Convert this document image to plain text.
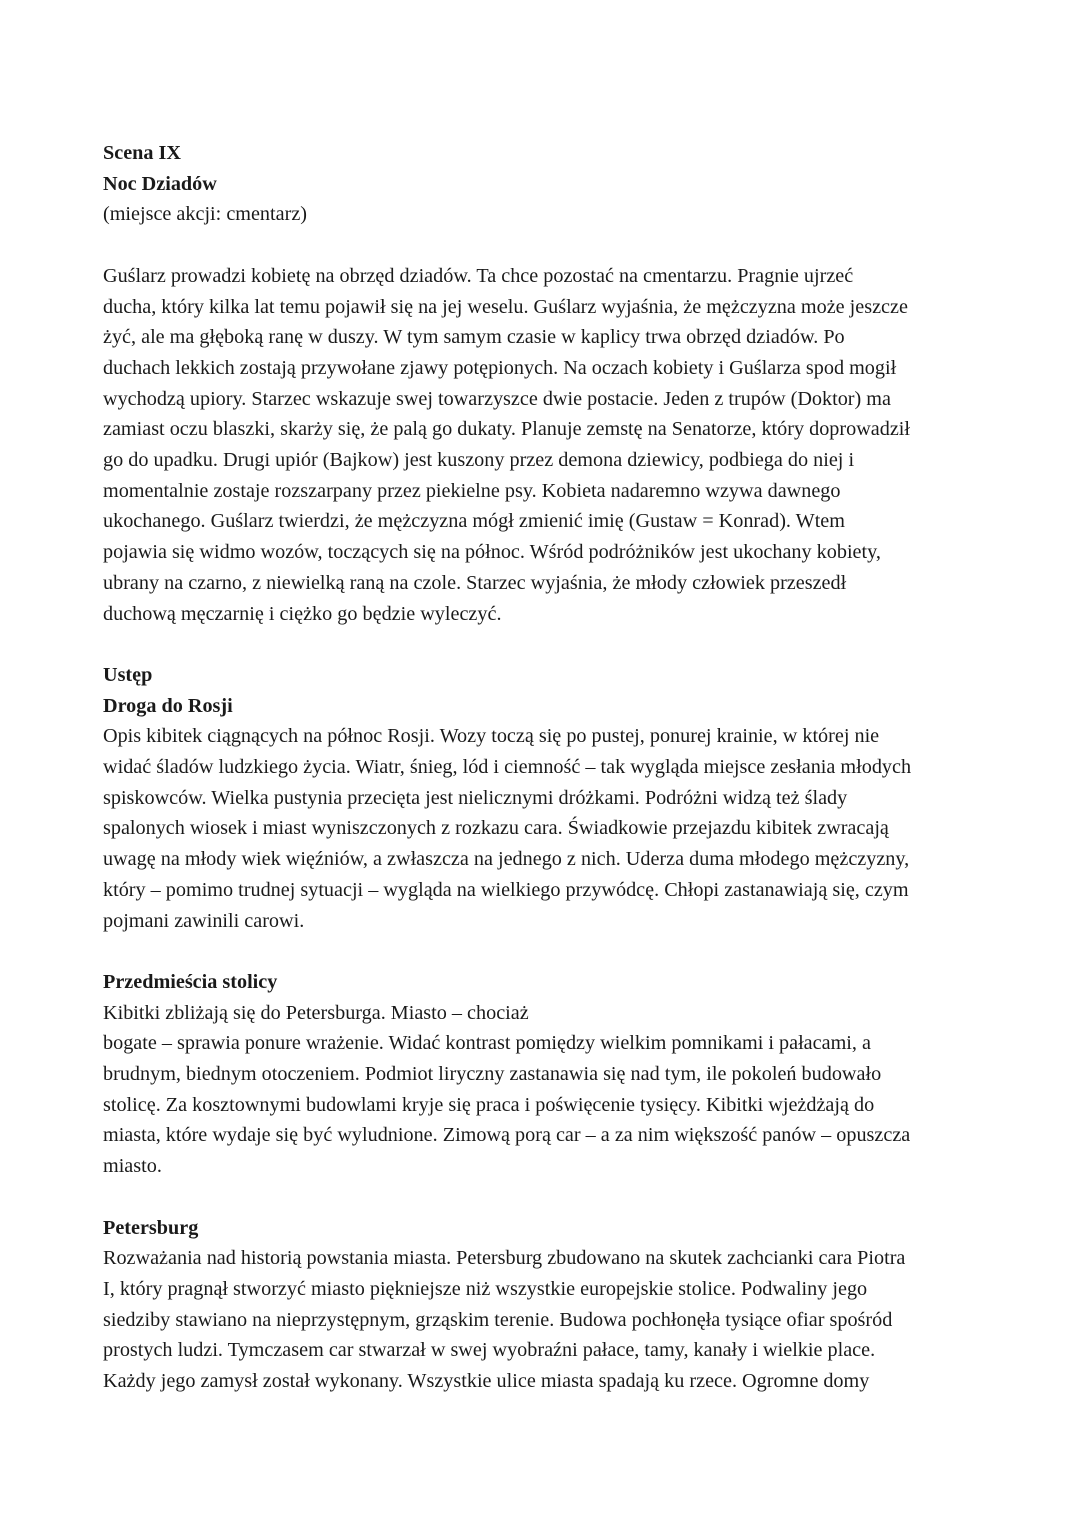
Scena IX
Noc Dziadów
(miejsce akcji: cmentarz)
Guślarz prowadzi kobietę na obrzęd dziadów. Ta chce pozostać na cmentarzu. Pragnie ujrzeć
ducha, który kilka lat temu pojawił się na jej weselu. Guślarz wyjaśnia, że mężczyzna może jeszcze
żyć, ale ma głęboką ranę w duszy. W tym samym czasie w kaplicy trwa obrzęd dziadów. Po
duchach lekkich zostają przywołane zjawy potępionych. Na oczach kobiety i Guślarza spod mogił
wychodzą upiory. Starzec wskazuje swej towarzyszce dwie postacie. Jeden z trupów (Doktor) ma
zamiast oczu blaszki, skarży się, że palą go dukaty. Planuje zemstę na Senatorze, który doprowadził
go do upadku. Drugi upiór (Bajkow) jest kuszony przez demona dziewicy, podbiega do niej i
momentalnie zostaje rozszarpany przez piekielne psy. Kobieta nadaremno wzywa dawnego
ukochanego. Guślarz twierdzi, że mężczyzna mógł zmienić imię (Gustaw = Konrad). Wtem
pojawia się widmo wozów, toczących się na północ. Wśród podróżników jest ukochany kobiety,
ubrany na czarno, z niewielką raną na czole. Starzec wyjaśnia, że młody człowiek przeszedł
duchową męczarnię i ciężko go będzie wyleczyć.
Ustęp
Droga do Rosji
Opis kibitek ciągnących na północ Rosji. Wozy toczą się po pustej, ponurej krainie, w której nie
widać śladów ludzkiego życia. Wiatr, śnieg, lód i ciemność – tak wygląda miejsce zesłania młodych
spiskowców. Wielka pustynia przecięta jest nielicznymi dróżkami. Podróżni widzą też ślady
spalonych wiosek i miast wyniszczonych z rozkazu cara. Świadkowie przejazdu kibitek zwracają
uwagę na młody wiek więźniów, a zwłaszcza na jednego z nich. Uderza duma młodego mężczyzny,
który – pomimo trudnej sytuacji – wygląda na wielkiego przywódcę. Chłopi zastanawiają się, czym
pojmani zawinili carowi.
Przedmieścia stolicy
Kibitki zbliżają się do Petersburga. Miasto – chociaż
bogate – sprawia ponure wrażenie. Widać kontrast pomiędzy wielkim pomnikami i pałacami, a
brudnym, biednym otoczeniem. Podmiot liryczny zastanawia się nad tym, ile pokoleń budowało
stolicę. Za kosztownymi budowlami kryje się praca i poświęcenie tysięcy. Kibitki wjeżdżają do
miasta, które wydaje się być wyludnione. Zimową porą car – a za nim większość panów – opuszcza
miasto.
Petersburg
Rozważania nad historią powstania miasta. Petersburg zbudowano na skutek zachcianki cara Piotra
I, który pragnął stworzyć miasto piękniejsze niż wszystkie europejskie stolice. Podwaliny jego
siedziby stawiano na nieprzystępnym, grząskim terenie. Budowa pochłonęła tysiące ofiar spośród
prostych ludzi. Tymczasem car stwarzał w swej wyobraźni pałace, tamy, kanały i wielkie place.
Każdy jego zamysł został wykonany. Wszystkie ulice miasta spadają ku rzece. Ogromne domy
